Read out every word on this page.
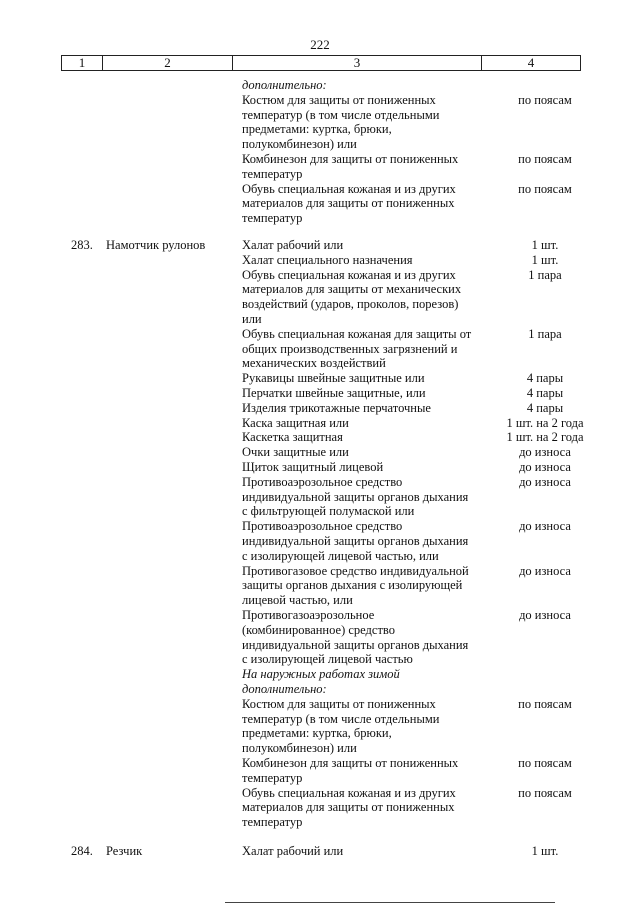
222
1	2	3	4
дополнительно:
Костюм для защиты от пониженных	по поясам
температур (в том числе отдельными
предметами: куртка, брюки,
полукомбинезон) или
Комбинезон для защиты от пониженных	по поясам
температур
Обувь специальная кожаная и из других	по поясам
материалов для защиты от пониженных
температур
283. Намотчик рулонов	Халат рабочий или	1 шт.
Халат специального назначения	1 шт.
Обувь специальная кожаная и из других	1 пара
материалов для защиты от механических
воздействий (ударов, проколов, порезов)
или
Обувь специальная кожаная для защиты от	1 пара
общих производственных загрязнений и
механических воздействий
Рукавицы швейные защитные или	4 пары
Перчатки швейные защитные, или	4 пары
Изделия трикотажные перчаточные	4 пары
Каска защитная или	1 шт. на 2 года
Каскетка защитная	1 шт. на 2 года
Очки защитные или	до износа
Щиток защитный лицевой	до износа
Противоаэрозольное средство	до износа
индивидуальной защиты органов дыхания
с фильтрующей полумаской или
Противоаэрозольное средство	до износа
индивидуальной защиты органов дыхания
с изолирующей лицевой частью, или
Противогазовое средство индивидуальной	до износа
защиты органов дыхания с изолирующей
лицевой частью, или
Противогазоаэрозольное	до износа
(комбинированное) средство
индивидуальной защиты органов дыхания
с изолирующей лицевой частью
На наружных работах зимой
дополнительно:
Костюм для защиты от пониженных	по поясам
температур (в том числе отдельными
предметами: куртка, брюки,
полукомбинезон) или
Комбинезон для защиты от пониженных	по поясам
температур
Обувь специальная кожаная и из других	по поясам
материалов для защиты от пониженных
температур
284. Резчик	Халат рабочий или	1 шт.
